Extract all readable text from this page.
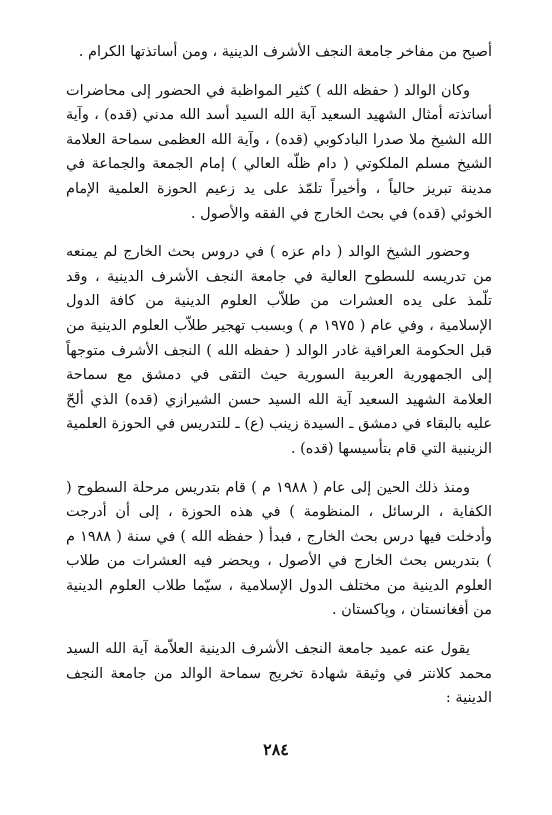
أصبح من مفاخر جامعة النجف الأشرف الدينية ، ومن أساتذتها الكرام .

وكان الوالد ( حفظه الله ) كثير المواظبة في الحضور إلى محاضرات أساتذته أمثال الشهيد السعيد آية الله السيد أسد الله مدني (قده) ، وآية الله الشيخ ملا صدرا البادكوبي (قده) ، وآية الله العظمى سماحة العلامة الشيخ مسلم الملكوتي ( دام ظلّه العالي ) إمام الجمعة والجماعة في مدينة تبريز حالياً ، وأخيراً تلمّذ على يد زعيم الحوزة العلمية الإمام الخوئي (قده) في بحث الخارج في الفقه والأصول .

وحضور الشيخ الوالد ( دام عزه ) في دروس بحث الخارج لم يمنعه من تدريسه للسطوح العالية في جامعة النجف الأشرف الدينية ، وقد تلّمذ على يده العشرات من طلاّب العلوم الدينية من كافة الدول الإسلامية ، وفي عام ( ١٩٧٥ م ) وبسبب تهجير طلاّب العلوم الدينية من قبل الحكومة العراقية غادر الوالد ( حفظه الله ) النجف الأشرف متوجهاً إلى الجمهورية العربية السورية حيث التقى في دمشق مع سماحة العلامة الشهيد السعيد آية الله السيد حسن الشيرازي (قده) الذي ألحّ عليه بالبقاء في دمشق ـ السيدة زينب (ع) ـ للتدريس في الحوزة العلمية الزينبية التي قام بتأسيسها (قده) .

ومنذ ذلك الحين إلى عام ( ١٩٨٨ م ) قام بتدريس مرحلة السطوح ( الكفاية ، الرسائل ، المنظومة ) في هذه الحوزة ، إلى أن أدرجت وأدخلت فيها درس بحث الخارج ، فبدأ ( حفظه الله ) في سنة ( ١٩٨٨ م ) بتدريس بحث الخارج في الأصول ، ويحضر فيه العشرات من طلاب العلوم الدينية من مختلف الدول الإسلامية ، سيّما طلاب العلوم الدينية من أفغانستان ، وپاكستان .

يقول عنه عميد جامعة النجف الأشرف الدينية العلاّمة آية الله السيد محمد كلانتر في وثيقة شهادة تخريج سماحة الوالد من جامعة النجف الدينية :

٢٨٤
